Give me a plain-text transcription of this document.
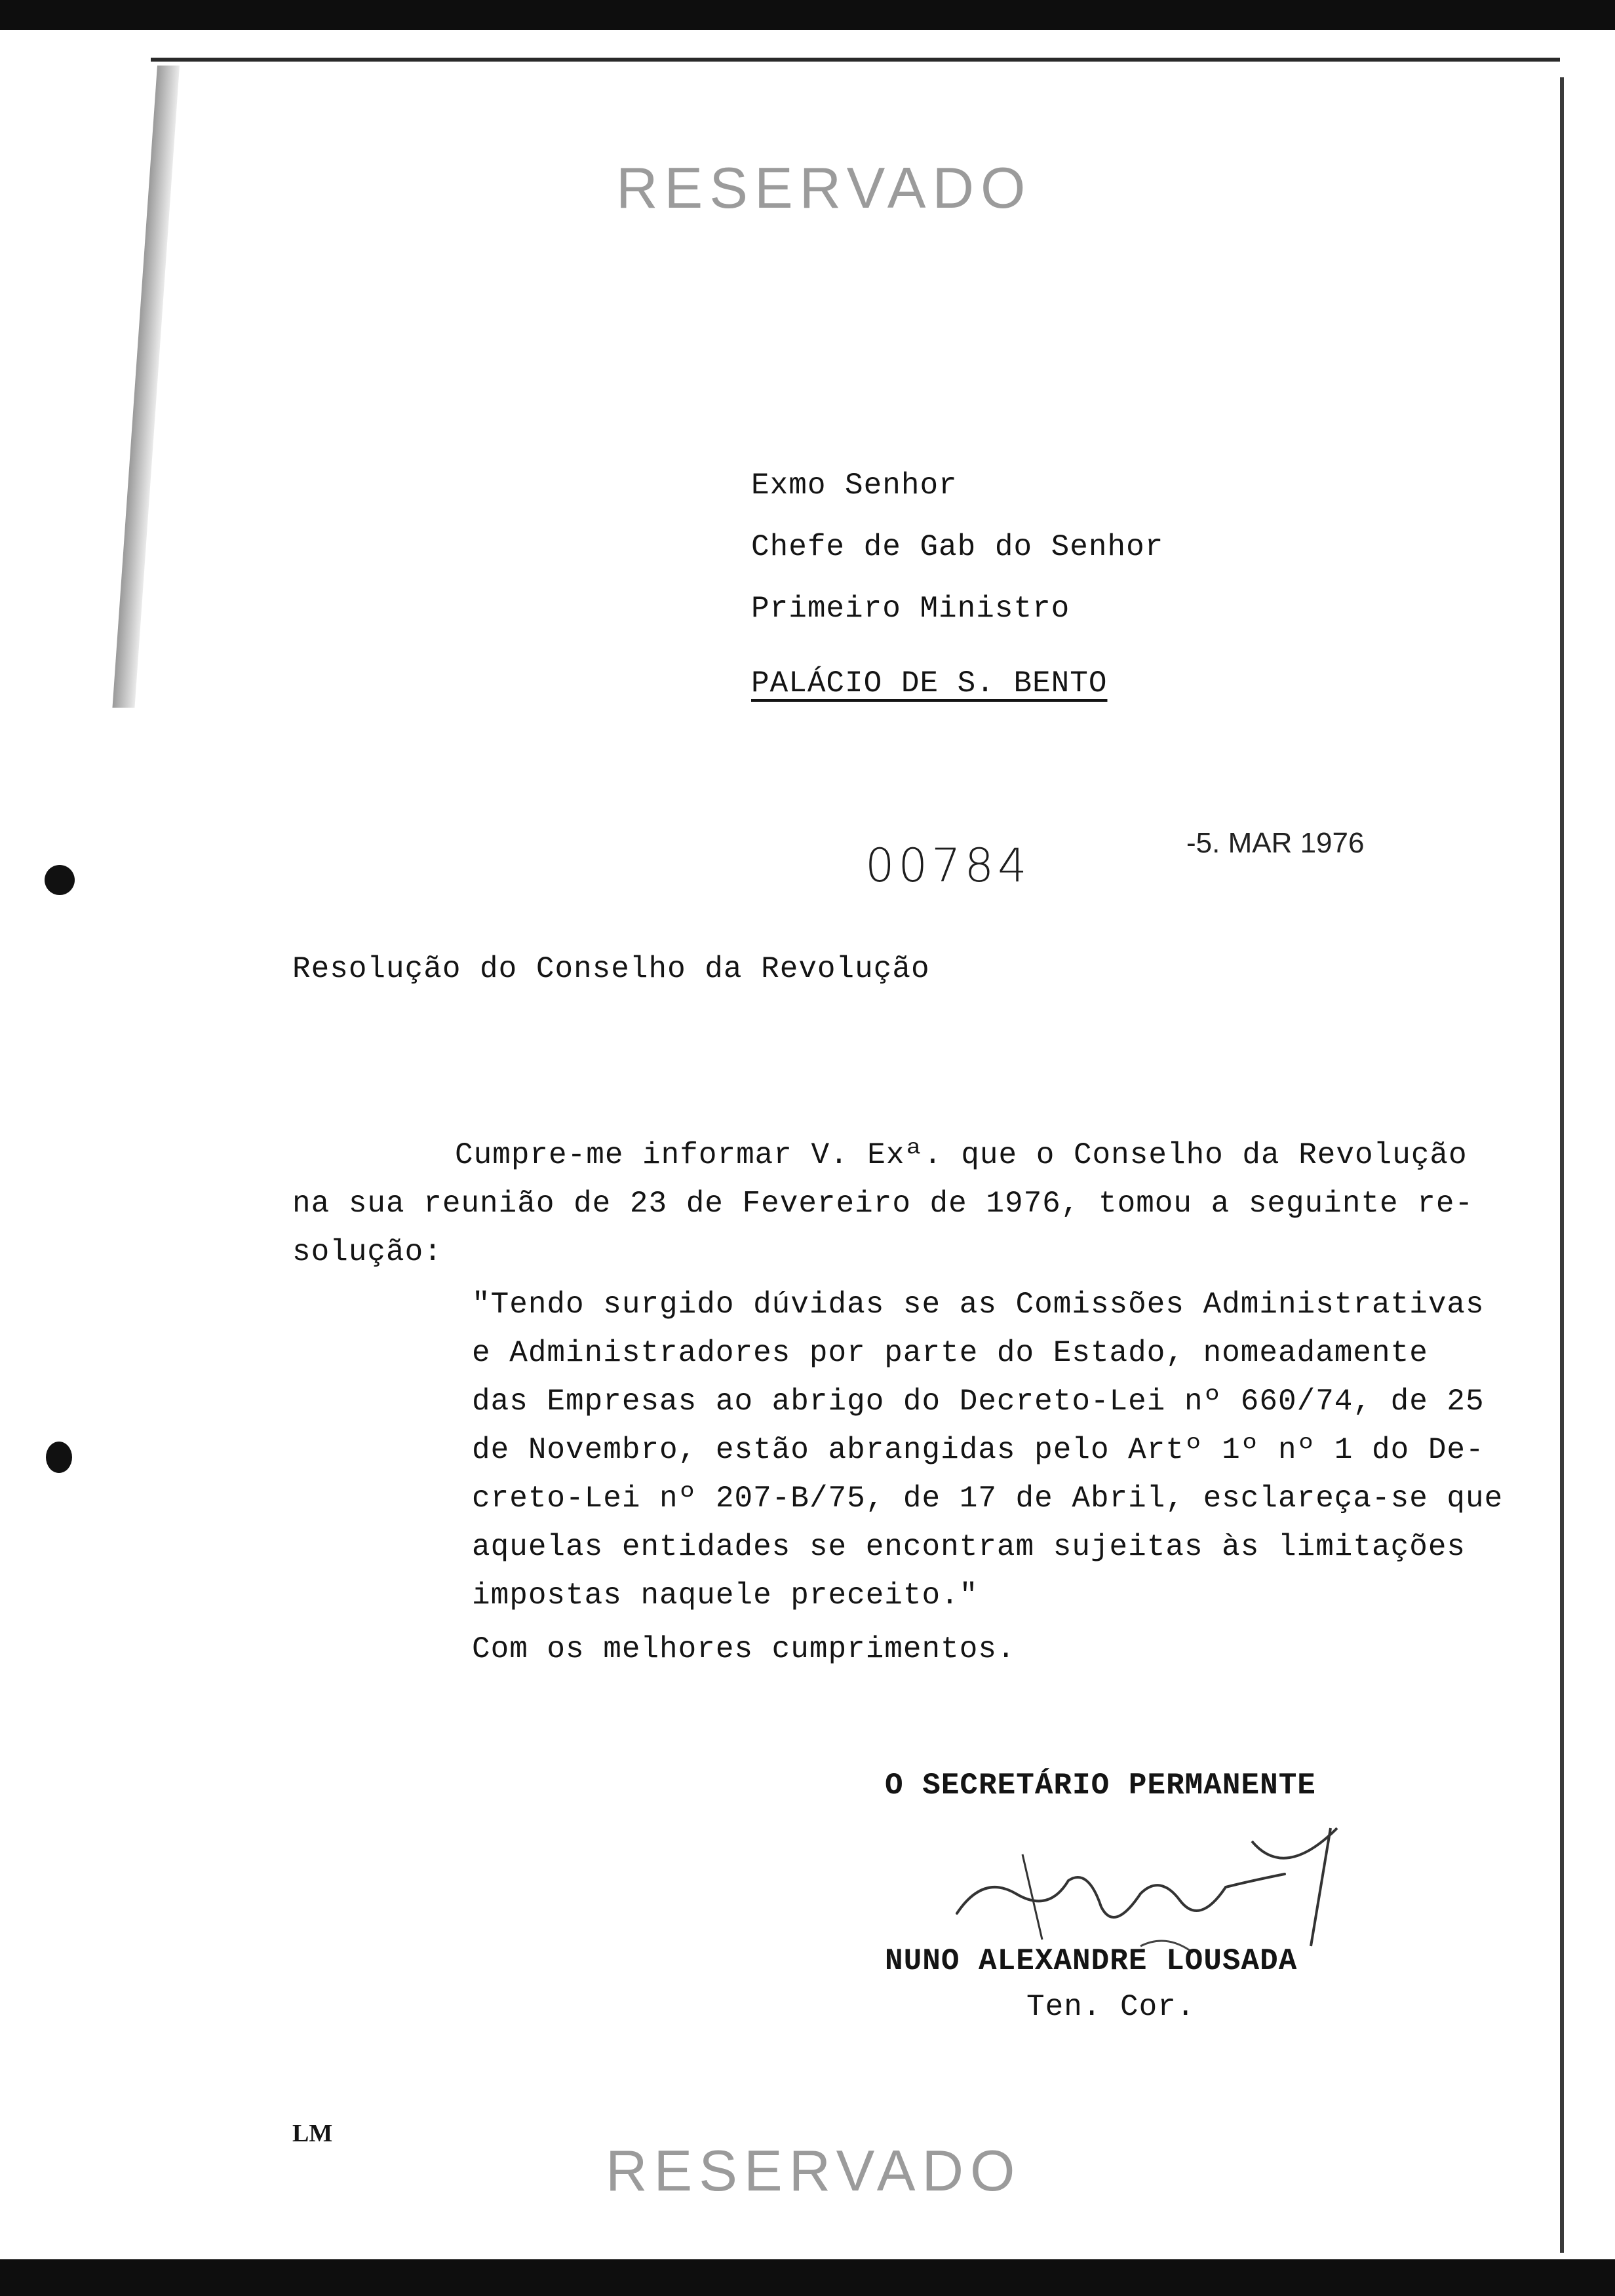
RESERVADO
Exmo Senhor
Chefe de Gab do Senhor
Primeiro Ministro
PALÁCIO DE S. BENTO
00784	-5. MAR 1976
Resolução do Conselho da Revolução
Cumpre-me informar V. Exª. que o Conselho da Revolução
na sua reunião de 23 de Fevereiro de 1976, tomou a seguinte re-
solução:
"Tendo surgido dúvidas se as Comissões Administrativas
e Administradores por parte do Estado, nomeadamente
das Empresas ao abrigo do Decreto-Lei nº 660/74, de 25
de Novembro, estão abrangidas pelo Artº 1º nº 1 do De-
creto-Lei nº 207-B/75, de 17 de Abril, esclareça-se que
aquelas entidades se encontram sujeitas às limitações
impostas naquele preceito."
Com os melhores cumprimentos.
O SECRETÁRIO PERMANENTE
NUNO ALEXANDRE LOUSADA
Ten. Cor.
LM
RESERVADO
